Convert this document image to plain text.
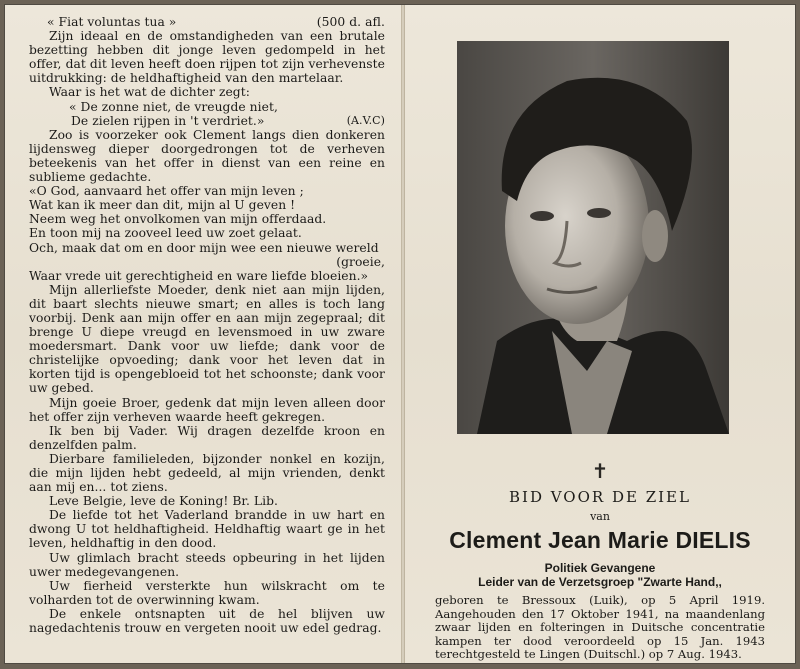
« Fiat voluntas tua »	(500 d. afl.

Zijn ideaal en de omstandigheden van een brutale bezetting hebben dit jonge leven gedompeld in het offer, dat dit leven heeft doen rijpen tot zijn verhevenste uitdrukking: de heldhaftigheid van den martelaar.

Waar is het wat de dichter zegt:

« De zonne niet, de vreugde niet,

De zielen rijpen in 't verdriet.»	(A.V.C)

Zoo is voorzeker ook Clement langs dien donkeren lijdensweg dieper doorgedrongen tot de verheven beteekenis van het offer in dienst van een reine en sublieme gedachte.

«O God, aanvaard het offer van mijn leven ;

Wat kan ik meer dan dit, mijn al U geven !

Neem weg het onvolkomen van mijn offerdaad.

En toon mij na zooveel leed uw zoet gelaat.

Och, maak dat om en door mijn wee een nieuwe wereld

(groeie,

Waar vrede uit gerechtigheid en ware liefde bloeien.»

Mijn allerliefste Moeder, denk niet aan mijn lijden, dit baart slechts nieuwe smart; en alles is toch lang voorbij. Denk aan mijn offer en aan mijn zegepraal; dit brenge U diepe vreugd en levensmoed in uw zware moedersmart. Dank voor uw liefde; dank voor de christelijke opvoeding; dank voor het leven dat in korten tijd is opengebloeid tot het schoonste; dank voor uw gebed.

Mijn goeie Broer, gedenk dat mijn leven alleen door het offer zijn verheven waarde heeft gekregen.

Ik ben bij Vader. Wij dragen dezelfde kroon en denzelfden palm.

Dierbare familieleden, bijzonder nonkel en kozijn, die mijn lijden hebt gedeeld, al mijn vrienden, denkt aan mij en... tot ziens.

Leve Belgie, leve de Koning! Br. Lib.

De liefde tot het Vaderland brandde in uw hart en dwong U tot heldhaftigheid. Heldhaftig waart ge in het leven, heldhaftig in den dood.

Uw glimlach bracht steeds opbeuring in het lijden uwer medegevangenen.

Uw fierheid versterkte hun wilskracht om te volharden tot de overwinning kwam.

De enkele ontsnapten uit de hel blijven uw nagedachtenis trouw en vergeten nooit uw edel gedrag.

✝
BID VOOR DE ZIEL
van
Clement Jean Marie DIELIS
Politiek Gevangene
Leider van de Verzetsgroep "Zwarte Hand,,

geboren te Bressoux (Luik), op 5 April 1919. Aangehouden den 17 Oktober 1941, na maandenlang zwaar lijden en folteringen in Duitsche concentratie kampen ter dood veroordeeld op 15 Jan. 1943 terechtgesteld te Lingen (Duitschl.) op 7 Aug. 1943.
